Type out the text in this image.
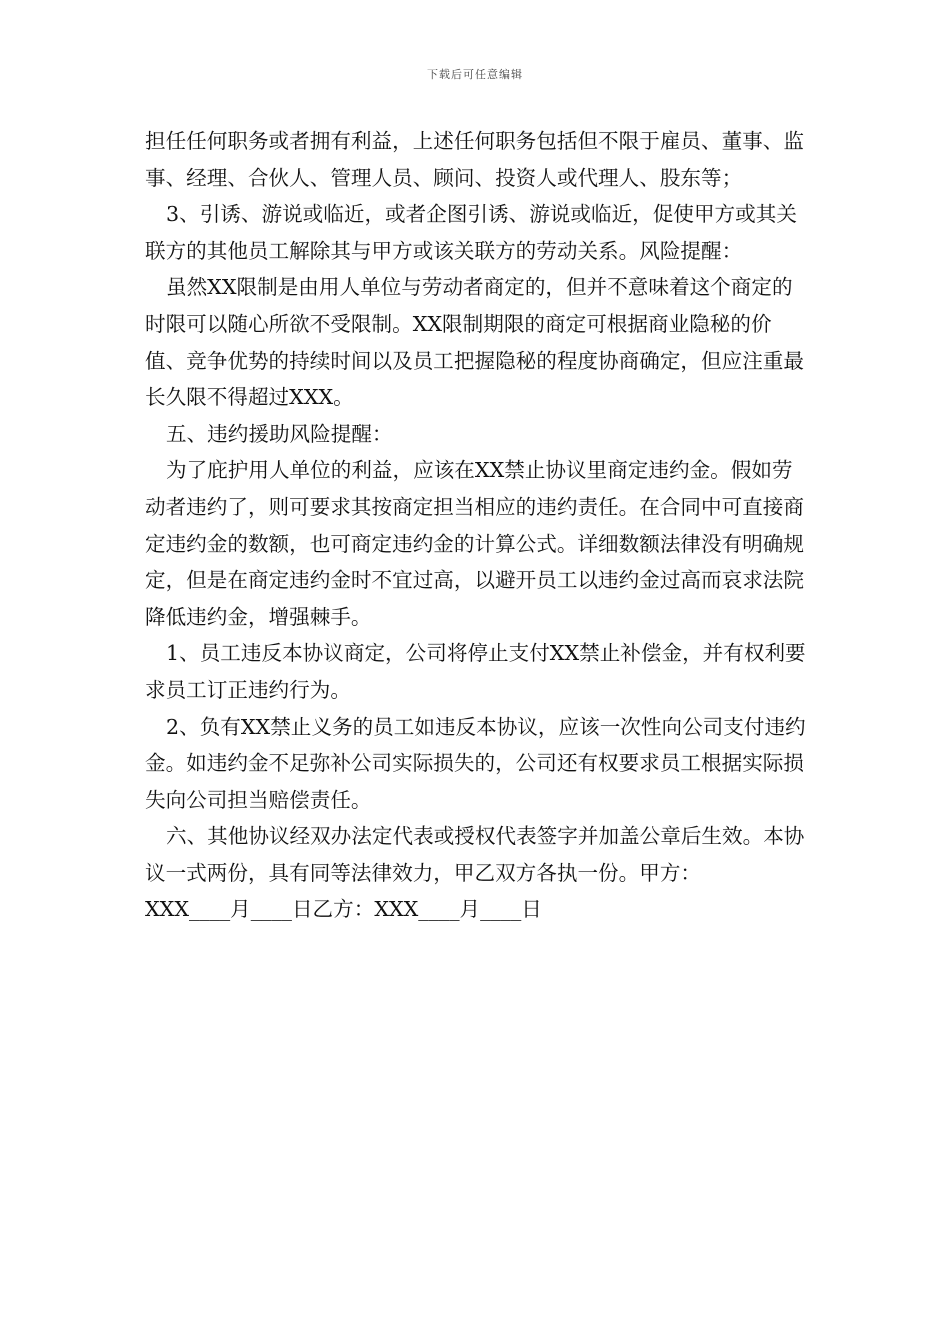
下载后可任意编辑

担任任何职务或者拥有利益，上述任何职务包括但不限于雇员、董事、监事、经理、合伙人、管理人员、顾问、投资人或代理人、股东等；

3、引诱、游说或临近，或者企图引诱、游说或临近，促使甲方或其关联方的其他员工解除其与甲方或该关联方的劳动关系。风险提醒：

虽然XX限制是由用人单位与劳动者商定的，但并不意味着这个商定的时限可以随心所欲不受限制。XX限制期限的商定可根据商业隐秘的价值、竞争优势的持续时间以及员工把握隐秘的程度协商确定，但应注重最长久限不得超过XXX。

五、违约援助风险提醒：

为了庇护用人单位的利益，应该在XX禁止协议里商定违约金。假如劳动者违约了，则可要求其按商定担当相应的违约责任。在合同中可直接商定违约金的数额，也可商定违约金的计算公式。详细数额法律没有明确规定，但是在商定违约金时不宜过高，以避开员工以违约金过高而哀求法院降低违约金，增强棘手。

1、员工违反本协议商定，公司将停止支付XX禁止补偿金，并有权利要求员工订正违约行为。

2、负有XX禁止义务的员工如违反本协议，应该一次性向公司支付违约金。如违约金不足弥补公司实际损失的，公司还有权要求员工根据实际损失向公司担当赔偿责任。

六、其他协议经双办法定代表或授权代表签字并加盖公章后生效。本协议一式两份，具有同等法律效力，甲乙双方各执一份。甲方：

XXX____月____日乙方：XXX____月____日
